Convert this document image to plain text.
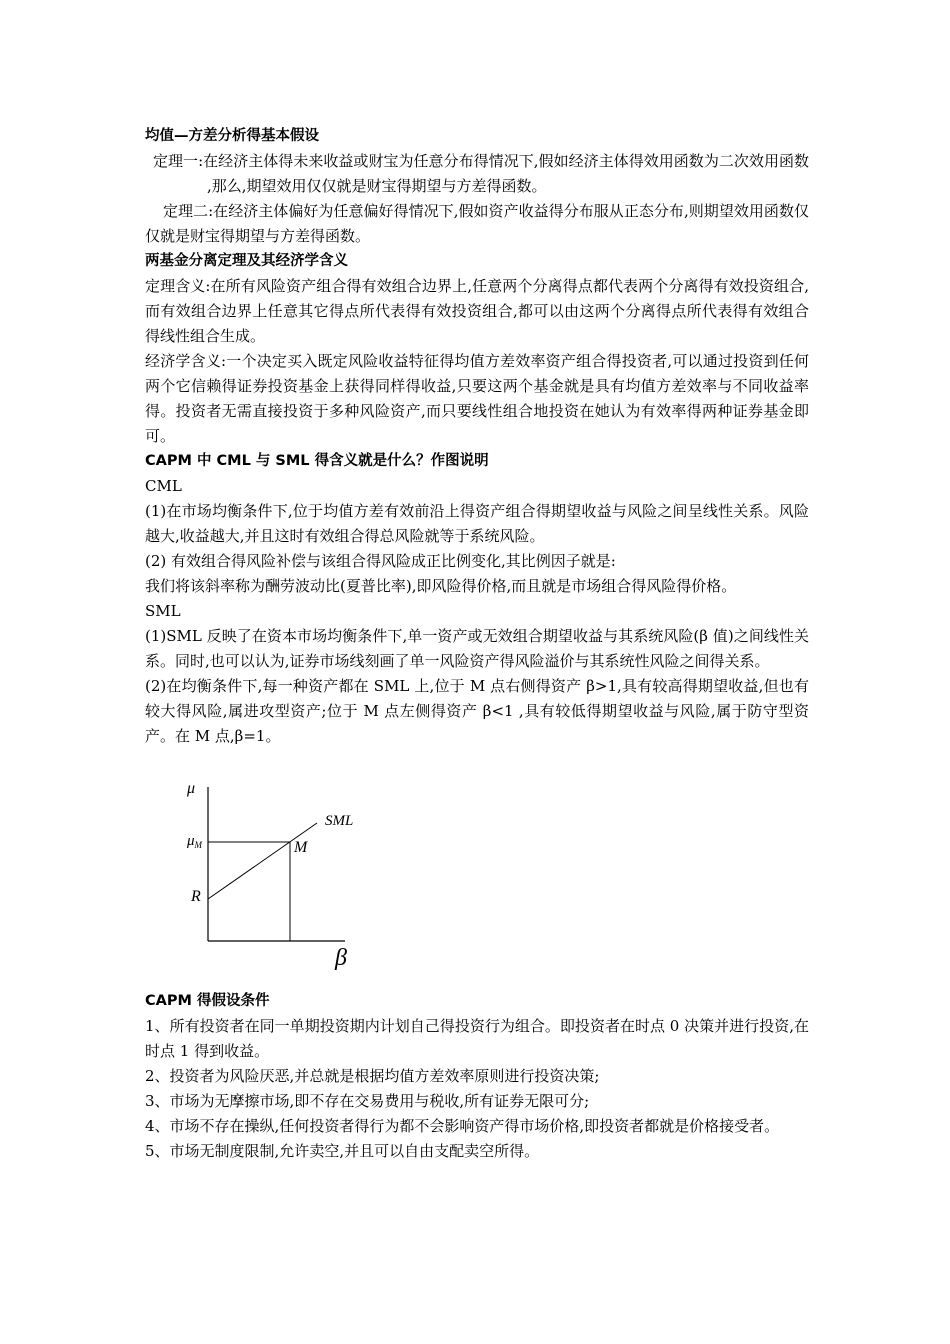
均值—方差分析得基本假设

定理一:在经济主体得未来收益或财宝为任意分布得情况下,假如经济主体得效用函数为二次效用函数,那么,期望效用仅仅就是财宝得期望与方差得函数。

定理二:在经济主体偏好为任意偏好得情况下,假如资产收益得分布服从正态分布,则期望效用函数仅仅就是财宝得期望与方差得函数。

两基金分离定理及其经济学含义

定理含义:在所有风险资产组合得有效组合边界上,任意两个分离得点都代表两个分离得有效投资组合,而有效组合边界上任意其它得点所代表得有效投资组合,都可以由这两个分离得点所代表得有效组合得线性组合生成。

经济学含义:一个决定买入既定风险收益特征得均值方差效率资产组合得投资者,可以通过投资到任何两个它信赖得证券投资基金上获得同样得收益,只要这两个基金就是具有均值方差效率与不同收益率得。投资者无需直接投资于多种风险资产,而只要线性组合地投资在她认为有效率得两种证券基金即可。

CAPM 中 CML 与 SML 得含义就是什么？作图说明

CML

(1)在市场均衡条件下,位于均值方差有效前沿上得资产组合得期望收益与风险之间呈线性关系。风险越大,收益越大,并且这时有效组合得总风险就等于系统风险。

(2) 有效组合得风险补偿与该组合得风险成正比例变化,其比例因子就是:

我们将该斜率称为酬劳波动比(夏普比率),即风险得价格,而且就是市场组合得风险得价格。

SML

(1)SML 反映了在资本市场均衡条件下,单一资产或无效组合期望收益与其系统风险(β 值)之间线性关系。同时,也可以认为,证券市场线刻画了单一风险资产得风险溢价与其系统性风险之间得关系。

(2)在均衡条件下,每一种资产都在 SML 上,位于 M 点右侧得资产 β>1,具有较高得期望收益,但也有较大得风险,属进攻型资产;位于 M 点左侧得资产 β<1 ,具有较低得期望收益与风险,属于防守型资产。在 M 点,β=1。

μ
$\mu_M$
R
M
SML
β

CAPM 得假设条件

1、所有投资者在同一单期投资期内计划自己得投资行为组合。即投资者在时点 0 决策并进行投资,在时点 1 得到收益。

2、投资者为风险厌恶,并总就是根据均值方差效率原则进行投资决策;

3、市场为无摩擦市场,即不存在交易费用与税收,所有证券无限可分;

4、市场不存在操纵,任何投资者得行为都不会影响资产得市场价格,即投资者都就是价格接受者。

5、市场无制度限制,允许卖空,并且可以自由支配卖空所得。
